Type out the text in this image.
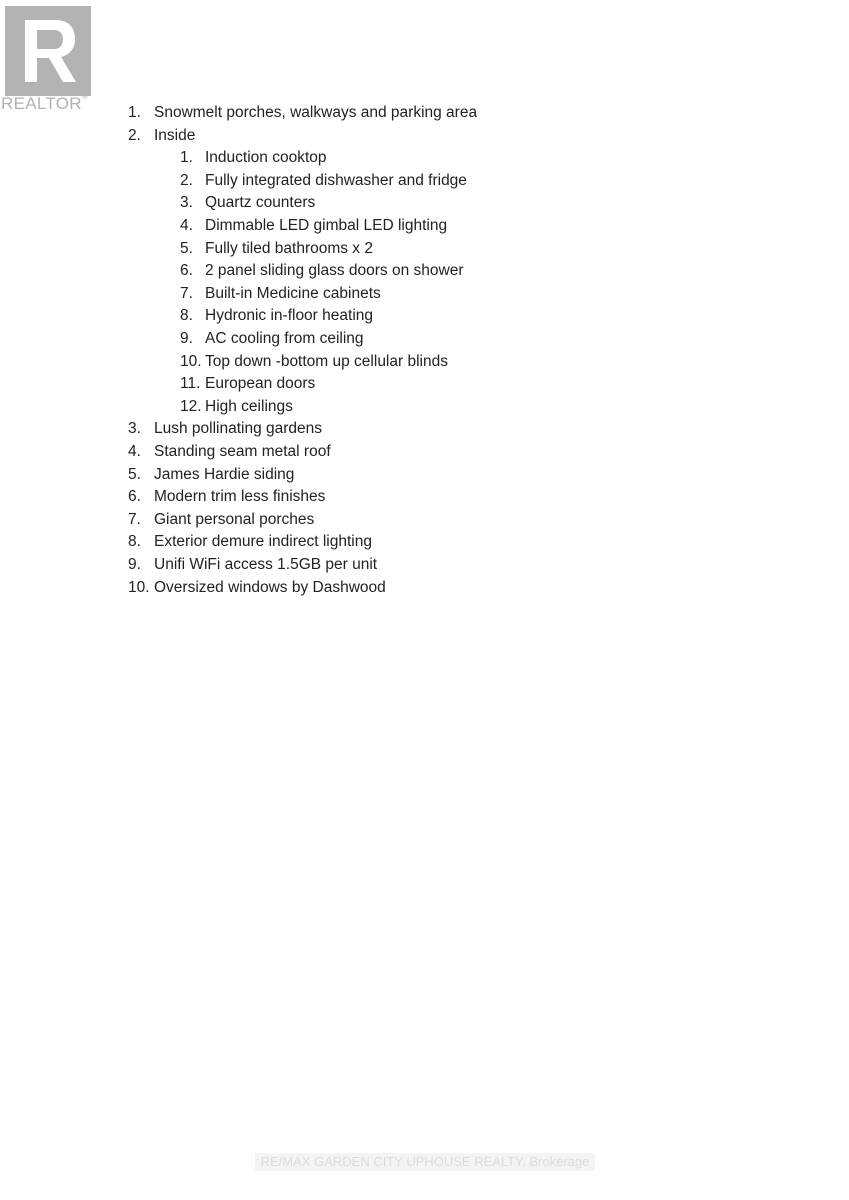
REALTOR®
1. Snowmelt porches, walkways and parking area
2. Inside
1. Induction cooktop
2. Fully integrated dishwasher and fridge
3. Quartz counters
4. Dimmable LED gimbal LED lighting
5. Fully tiled bathrooms x 2
6. 2 panel sliding glass doors on shower
7. Built-in Medicine cabinets
8. Hydronic in-floor heating
9. AC cooling from ceiling
10. Top down -bottom up cellular blinds
11. European doors
12. High ceilings
3. Lush pollinating gardens
4. Standing seam metal roof
5. James Hardie siding
6. Modern trim less finishes
7. Giant personal porches
8. Exterior demure indirect lighting
9. Unifi WiFi access 1.5GB per unit
10. Oversized windows by Dashwood
RE/MAX GARDEN CITY UPHOUSE REALTY, Brokerage
